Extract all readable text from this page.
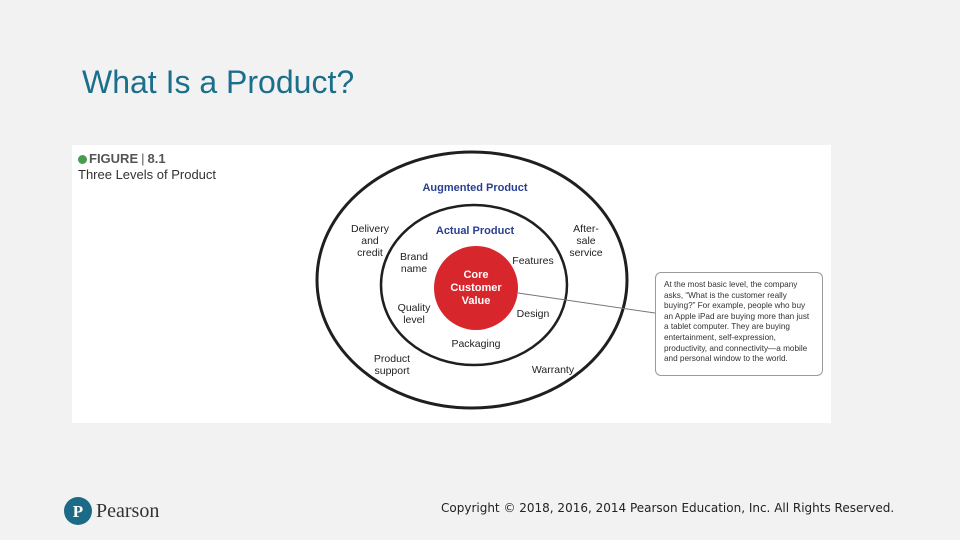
What Is a Product?
FIGURE | 8.1
Three Levels of Product
Augmented Product
Actual Product
Core
Customer
Value
Delivery
and
credit
After-
sale
service
Product
support	Warranty
Brand
name
Features
Quality
level	Design
Packaging
At the most basic level, the company asks, “What is the customer really buying?” For example, people who buy an Apple iPad are buying more than just a tablet computer. They are buying entertainment, self-expression, productivity, and connectivity—a mobile and personal window to the world.
P Pearson	Copyright © 2018, 2016, 2014 Pearson Education, Inc. All Rights Reserved.
